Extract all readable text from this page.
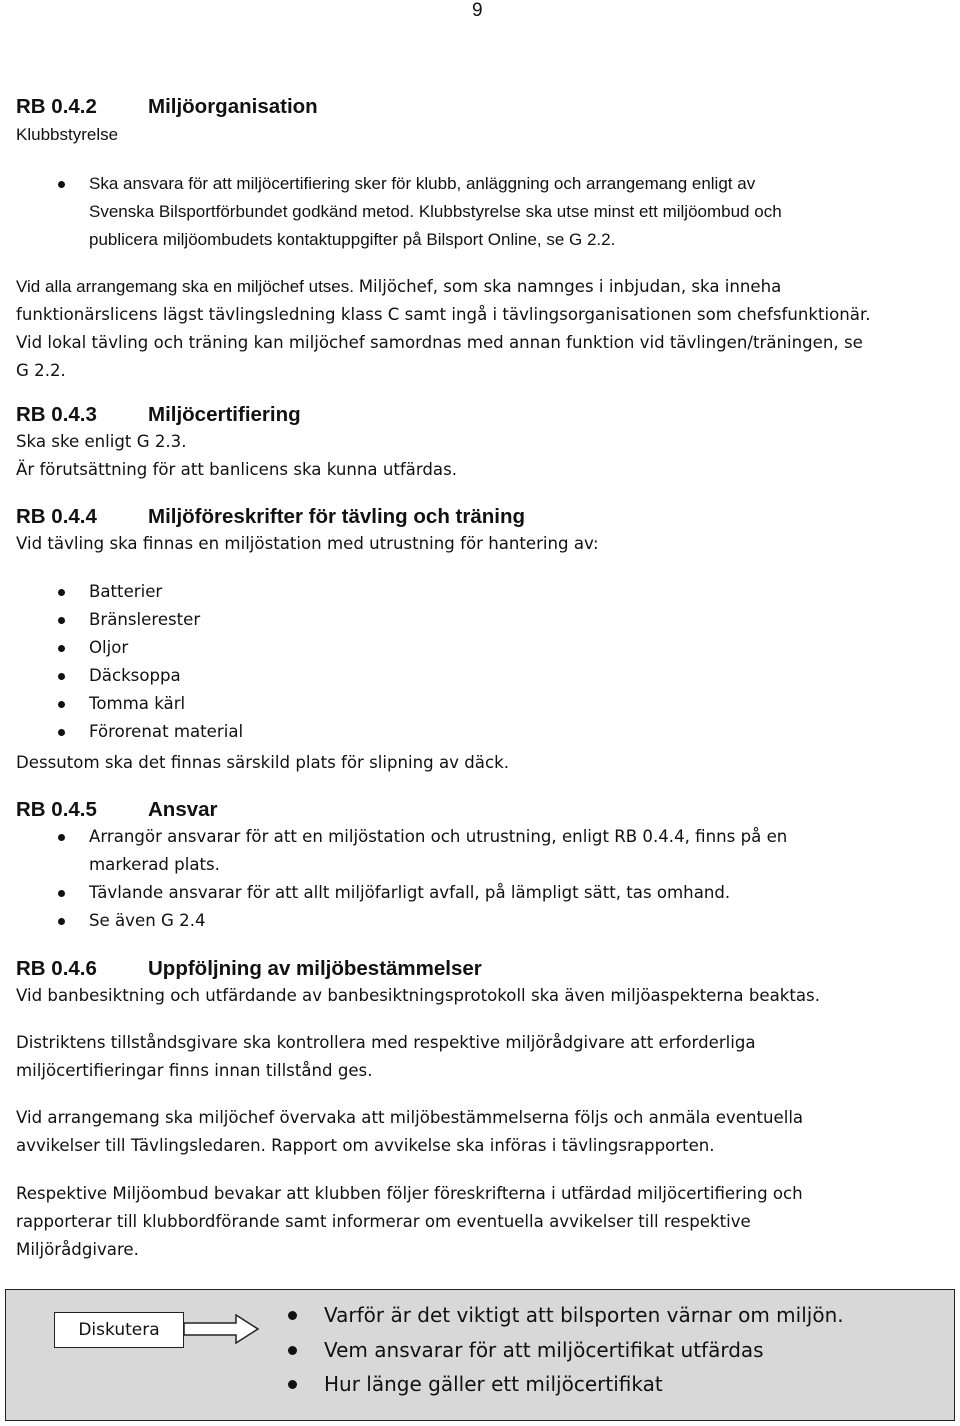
9
RB 0.4.2 Miljöorganisation
Klubbstyrelse
Ska ansvara för att miljöcertifiering sker för klubb, anläggning och arrangemang enligt av
Svenska Bilsportförbundet godkänd metod. Klubbstyrelse ska utse minst ett miljöombud och
publicera miljöombudets kontaktuppgifter på Bilsport Online, se G 2.2.
Vid alla arrangemang ska en miljöchef utses. Miljöchef, som ska namnges i inbjudan, ska inneha
funktionärslicens lägst tävlingsledning klass C samt ingå i tävlingsorganisationen som chefsfunktionär.
Vid lokal tävling och träning kan miljöchef samordnas med annan funktion vid tävlingen/träningen, se
G 2.2.
RB 0.4.3 Miljöcertifiering
Ska ske enligt G 2.3.
Är förutsättning för att banlicens ska kunna utfärdas.
RB 0.4.4 Miljöföreskrifter för tävling och träning
Vid tävling ska finnas en miljöstation med utrustning för hantering av:
Batterier
Bränslerester
Oljor
Däcksoppa
Tomma kärl
Förorenat material
Dessutom ska det finnas särskild plats för slipning av däck.
RB 0.4.5 Ansvar
Arrangör ansvarar för att en miljöstation och utrustning, enligt RB 0.4.4, finns på en markerad plats.
Tävlande ansvarar för att allt miljöfarligt avfall, på lämpligt sätt, tas omhand.
Se även G 2.4
RB 0.4.6 Uppföljning av miljöbestämmelser
Vid banbesiktning och utfärdande av banbesiktningsprotokoll ska även miljöaspekterna beaktas.
Distriktens tillståndsgivare ska kontrollera med respektive miljörådgivare att erforderliga
miljöcertifieringar finns innan tillstånd ges.
Vid arrangemang ska miljöchef övervaka att miljöbestämmelserna följs och anmäla eventuella
avvikelser till Tävlingsledaren. Rapport om avvikelse ska införas i tävlingsrapporten.
Respektive Miljöombud bevakar att klubben följer föreskrifterna i utfärdad miljöcertifiering och
rapporterar till klubbordförande samt informerar om eventuella avvikelser till respektive
Miljörådgivare.
Diskutera
Varför är det viktigt att bilsporten värnar om miljön.
Vem ansvarar för att miljöcertifikat utfärdas
Hur länge gäller ett miljöcertifikat
